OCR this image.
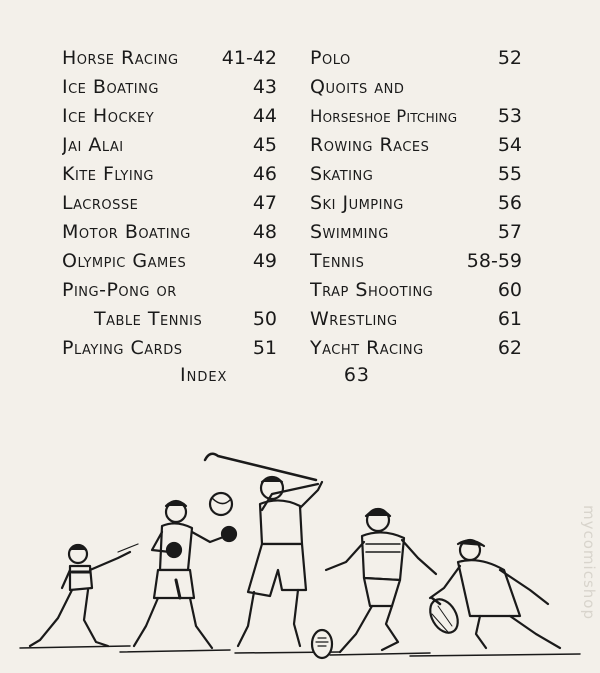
Horse Racing 41-42
Ice Boating	43
Ice Hockey	44
Jai Alai	45
Kite Flying	46
Lacrosse	47
Motor Boating	48
Olympic Games	49
Ping-Pong or
Table Tennis	50
Playing Cards	51
Polo	52
Quoits and
Horseshoe Pitching 53
Rowing Races	54
Skating	55
Ski Jumping	56
Swimming	57
Tennis	58-59
Trap Shooting	60
Wrestling	61
Yacht Racing	62
Index	63
mycomicshop
